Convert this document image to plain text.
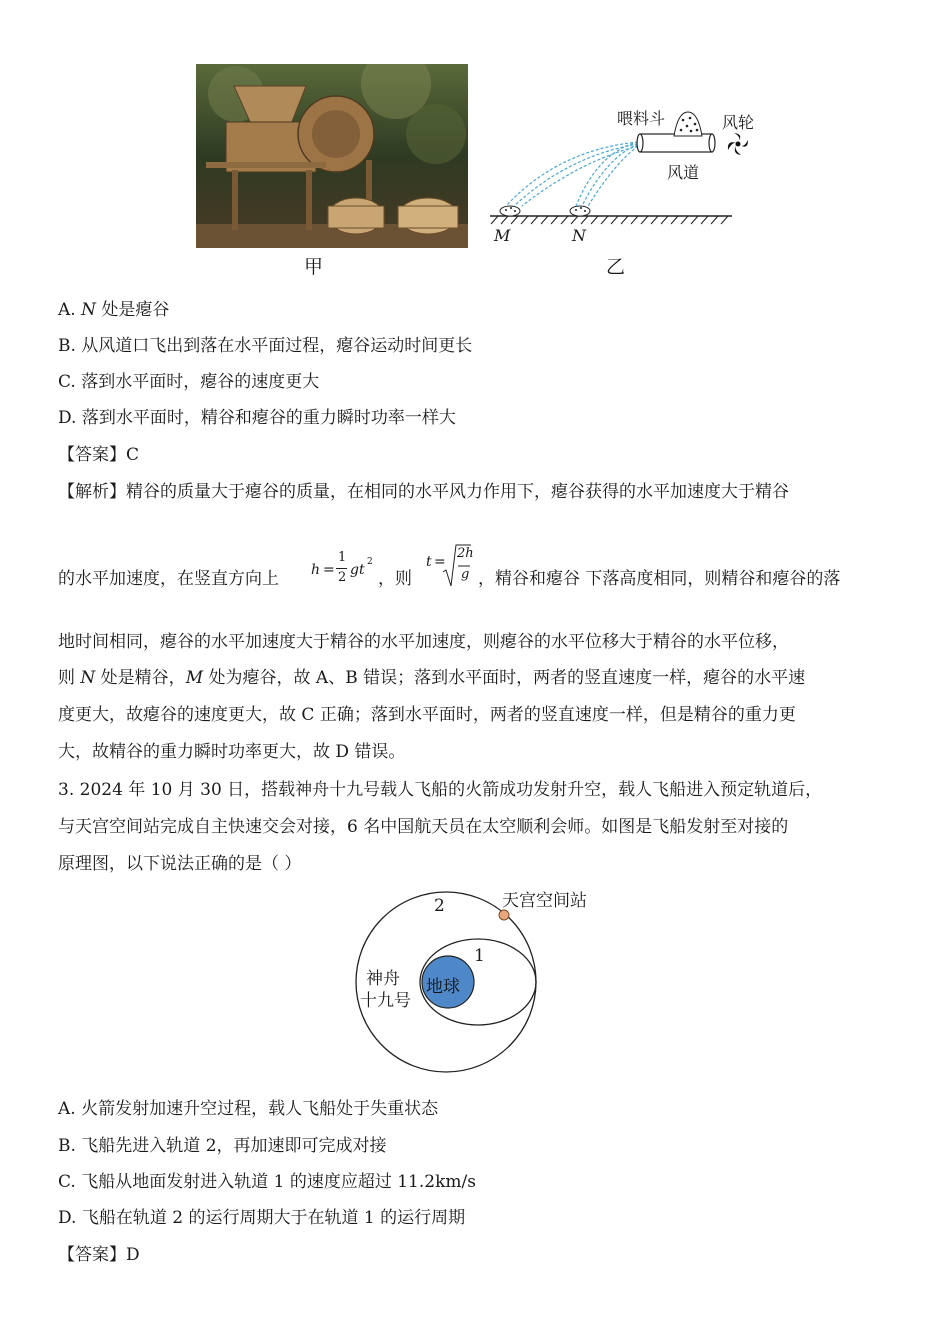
甲
喂料斗	风轮
风道
M	N
乙
A. N 处是瘪谷
B. 从风道口飞出到落在水平面过程，瘪谷运动时间更长
C. 落到水平面时，瘪谷的速度更大
D. 落到水平面时，精谷和瘪谷的重力瞬时功率一样大
【答案】C
【解析】精谷的质量大于瘪谷的质量，在相同的水平风力作用下，瘪谷获得的水平加速度大于精谷
的水平加速度，在竖直方向上 h =
1
2 gt 2
，则
t =
2h
g ，精谷和瘪谷 下落高度相同，则精谷和瘪谷的落
地时间相同，瘪谷的水平加速度大于精谷的水平加速度，则瘪谷的水平位移大于精谷的水平位移，
则 N 处是精谷，M 处为瘪谷，故 A、B 错误；落到水平面时，两者的竖直速度一样，瘪谷的水平速
度更大，故瘪谷的速度更大，故 C 正确；落到水平面时，两者的竖直速度一样，但是精谷的重力更
大，故精谷的重力瞬时功率更大，故 D 错误。
3. 2024 年 10 月 30 日，搭载神舟十九号载人飞船的火箭成功发射升空，载人飞船进入预定轨道后，
与天宫空间站完成自主快速交会对接，6 名中国航天员在太空顺利会师。如图是飞船发射至对接的
原理图，以下说法正确的是（ ）
天宫空间站
2
1
地球
神舟
十九号
A. 火箭发射加速升空过程，载人飞船处于失重状态
B. 飞船先进入轨道 2，再加速即可完成对接
C. 飞船从地面发射进入轨道 1 的速度应超过 11.2km/s
D. 飞船在轨道 2 的运行周期大于在轨道 1 的运行周期
【答案】D
